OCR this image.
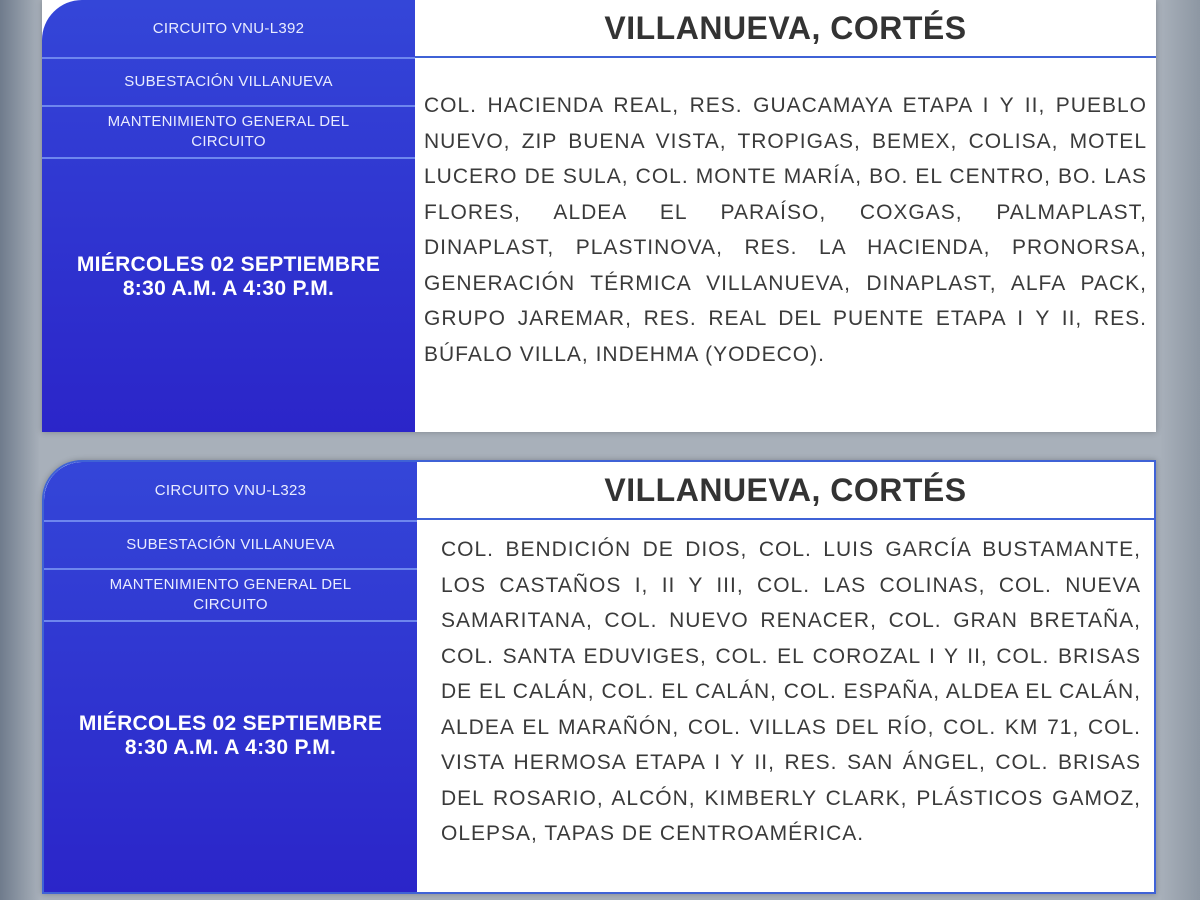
CIRCUITO VNU-L392
SUBESTACIÓN VILLANUEVA
MANTENIMIENTO GENERAL DEL CIRCUITO
MIÉRCOLES 02 SEPTIEMBRE
8:30 A.M. A 4:30 P.M.
VILLANUEVA, CORTÉS
COL. HACIENDA REAL, RES. GUACAMAYA ETAPA I Y II, PUEBLO NUEVO, ZIP BUENA VISTA, TROPIGAS, BEMEX, COLISA, MOTEL LUCERO DE SULA, COL. MONTE MARÍA, BO. EL CENTRO, BO. LAS FLORES, ALDEA EL PARAÍSO, COXGAS, PALMAPLAST, DINAPLAST, PLASTINOVA, RES. LA HACIENDA, PRONORSA, GENERACIÓN TÉRMICA VILLANUEVA, DINAPLAST, ALFA PACK, GRUPO JAREMAR, RES. REAL DEL PUENTE ETAPA I Y II, RES. BÚFALO VILLA, INDEHMA (YODECO).
CIRCUITO VNU-L323
SUBESTACIÓN VILLANUEVA
MANTENIMIENTO GENERAL DEL CIRCUITO
MIÉRCOLES 02 SEPTIEMBRE
8:30 A.M. A 4:30 P.M.
VILLANUEVA, CORTÉS
COL. BENDICIÓN DE DIOS, COL. LUIS GARCÍA BUSTAMANTE, LOS CASTAÑOS I, II Y III, COL. LAS COLINAS, COL. NUEVA SAMARITANA, COL. NUEVO RENACER, COL. GRAN BRETAÑA, COL. SANTA EDUVIGES, COL. EL COROZAL I Y II, COL. BRISAS DE EL CALÁN, COL. EL CALÁN, COL. ESPAÑA, ALDEA EL CALÁN, ALDEA EL MARAÑÓN, COL. VILLAS DEL RÍO, COL. KM 71, COL. VISTA HERMOSA ETAPA I Y II, RES. SAN ÁNGEL, COL. BRISAS DEL ROSARIO, ALCÓN, KIMBERLY CLARK, PLÁSTICOS GAMOZ, OLEPSA, TAPAS DE CENTROAMÉRICA.
